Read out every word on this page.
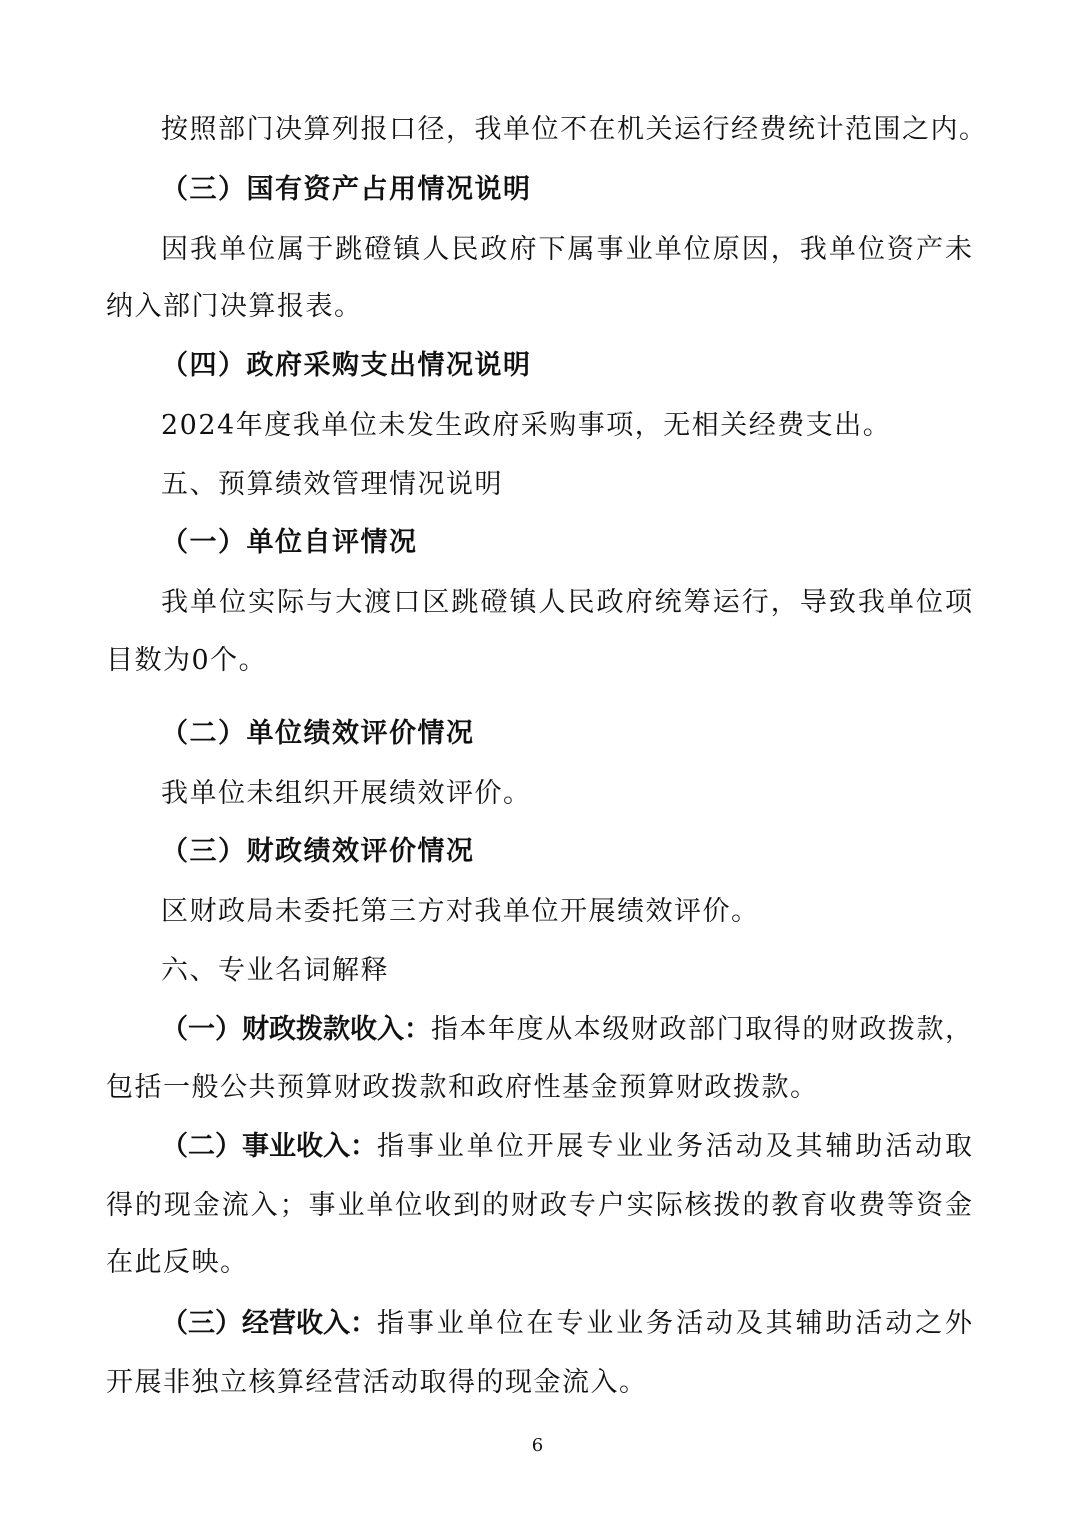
按照部门决算列报口径，我单位不在机关运行经费统计范围之内。
（三）国有资产占用情况说明
因我单位属于跳磴镇人民政府下属事业单位原因，我单位资产未
纳入部门决算报表。
（四）政府采购支出情况说明
2024年度我单位未发生政府采购事项，无相关经费支出。
五、预算绩效管理情况说明
（一）单位自评情况
我单位实际与大渡口区跳磴镇人民政府统筹运行，导致我单位项
目数为0个。
（二）单位绩效评价情况
我单位未组织开展绩效评价。
（三）财政绩效评价情况
区财政局未委托第三方对我单位开展绩效评价。
六、专业名词解释
（一）财政拨款收入： 指本年度从本级财政部门取得的财政拨款，
包括一般公共预算财政拨款和政府性基金预算财政拨款。
（二）事业收入： 指事业单位开展专业业务活动及其辅助活动取
得的现金流入；事业单位收到的财政专户实际核拨的教育收费等资金
在此反映。
（三）经营收入： 指事业单位在专业业务活动及其辅助活动之外
开展非独立核算经营活动取得的现金流入。
6
